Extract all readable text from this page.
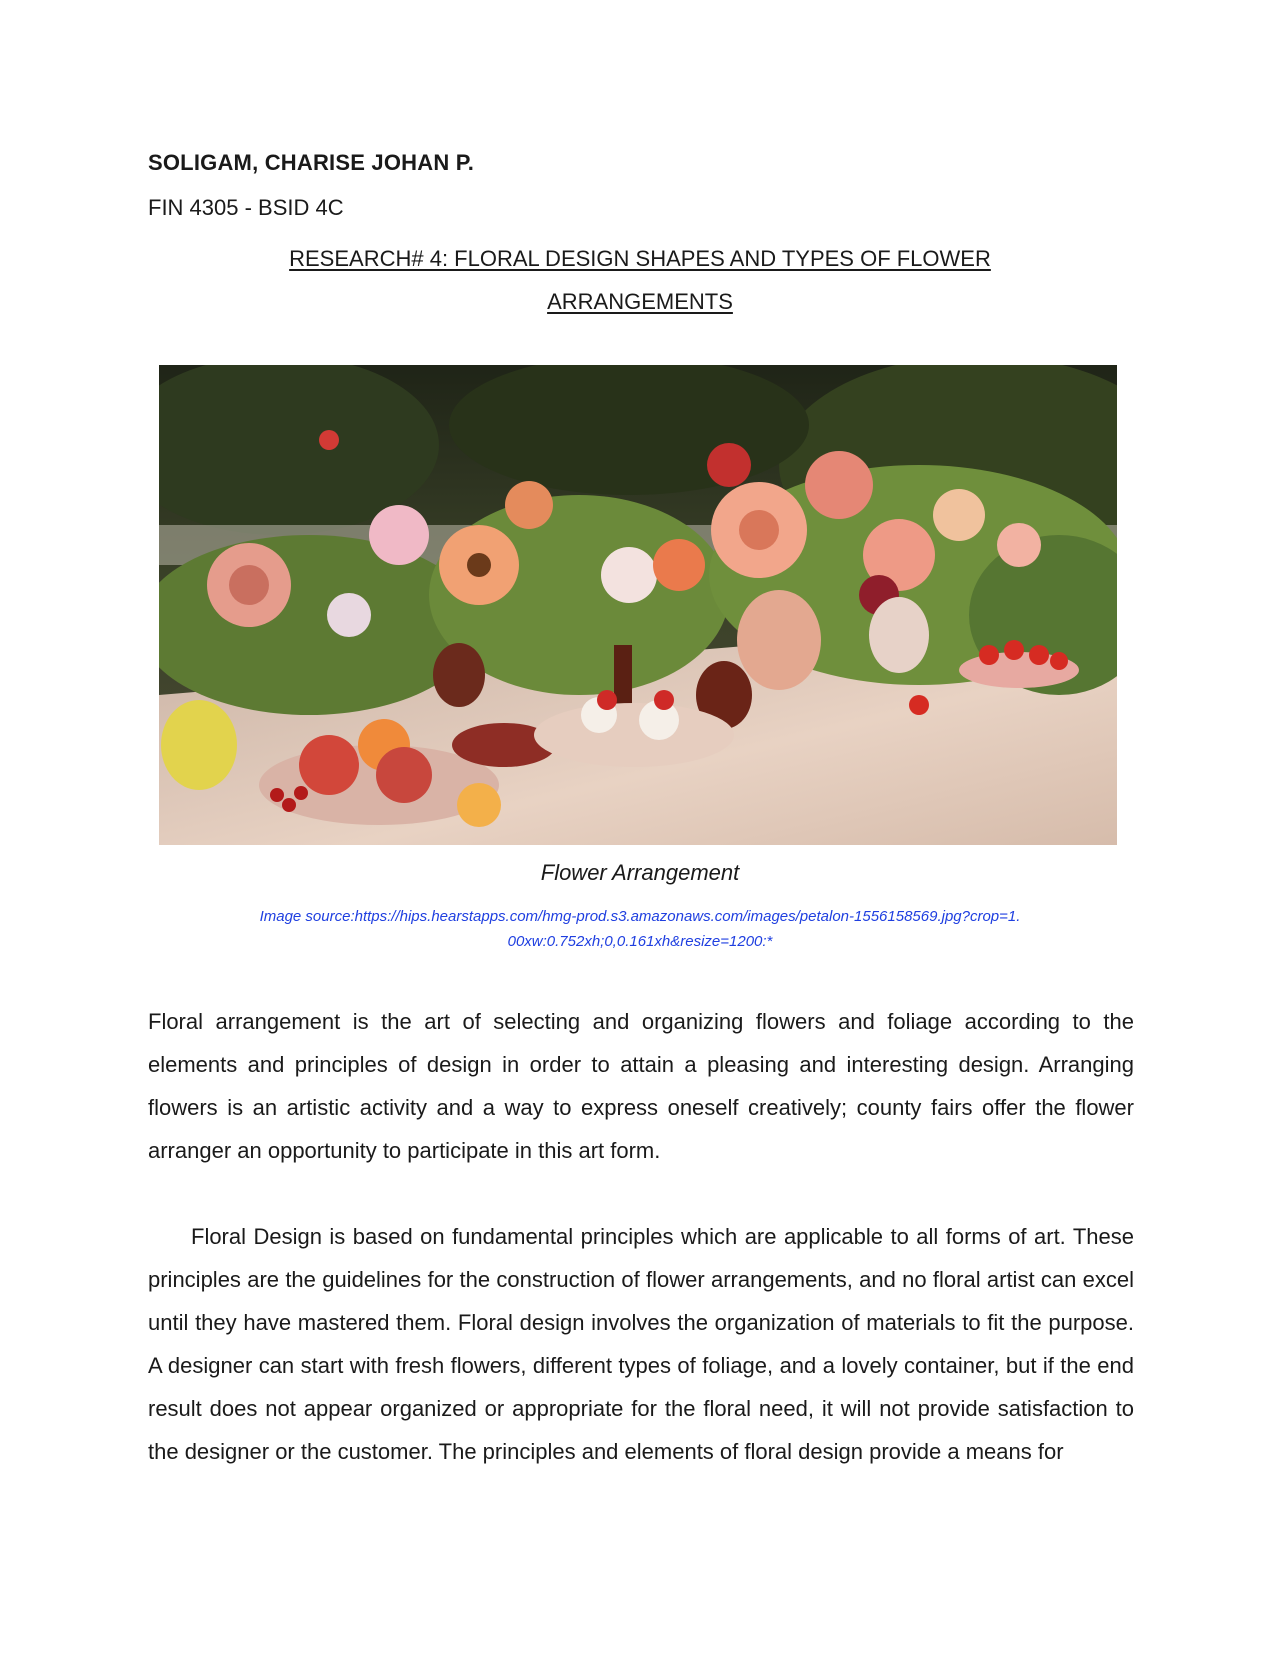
SOLIGAM, CHARISE JOHAN P.
FIN 4305 - BSID 4C
RESEARCH# 4: FLORAL DESIGN SHAPES AND TYPES OF FLOWER
ARRANGEMENTS
Flower Arrangement
Image source:https://hips.hearstapps.com/hmg-prod.s3.amazonaws.com/images/petalon-1556158569.jpg?crop=1.
00xw:0.752xh;0,0.161xh&resize=1200:*

Floral arrangement is the art of selecting and organizing flowers and foliage according to the elements and principles of design in order to attain a pleasing and interesting design. Arranging flowers is an artistic activity and a way to express oneself creatively; county fairs offer the flower arranger an opportunity to participate in this art form.

Floral Design is based on fundamental principles which are applicable to all forms of art. These principles are the guidelines for the construction of flower arrangements, and no floral artist can excel until they have mastered them. Floral design involves the organization of materials to fit the purpose. A designer can start with fresh flowers, different types of foliage, and a lovely container, but if the end result does not appear organized or appropriate for the floral need, it will not provide satisfaction to the designer or the customer. The principles and elements of floral design provide a means for
